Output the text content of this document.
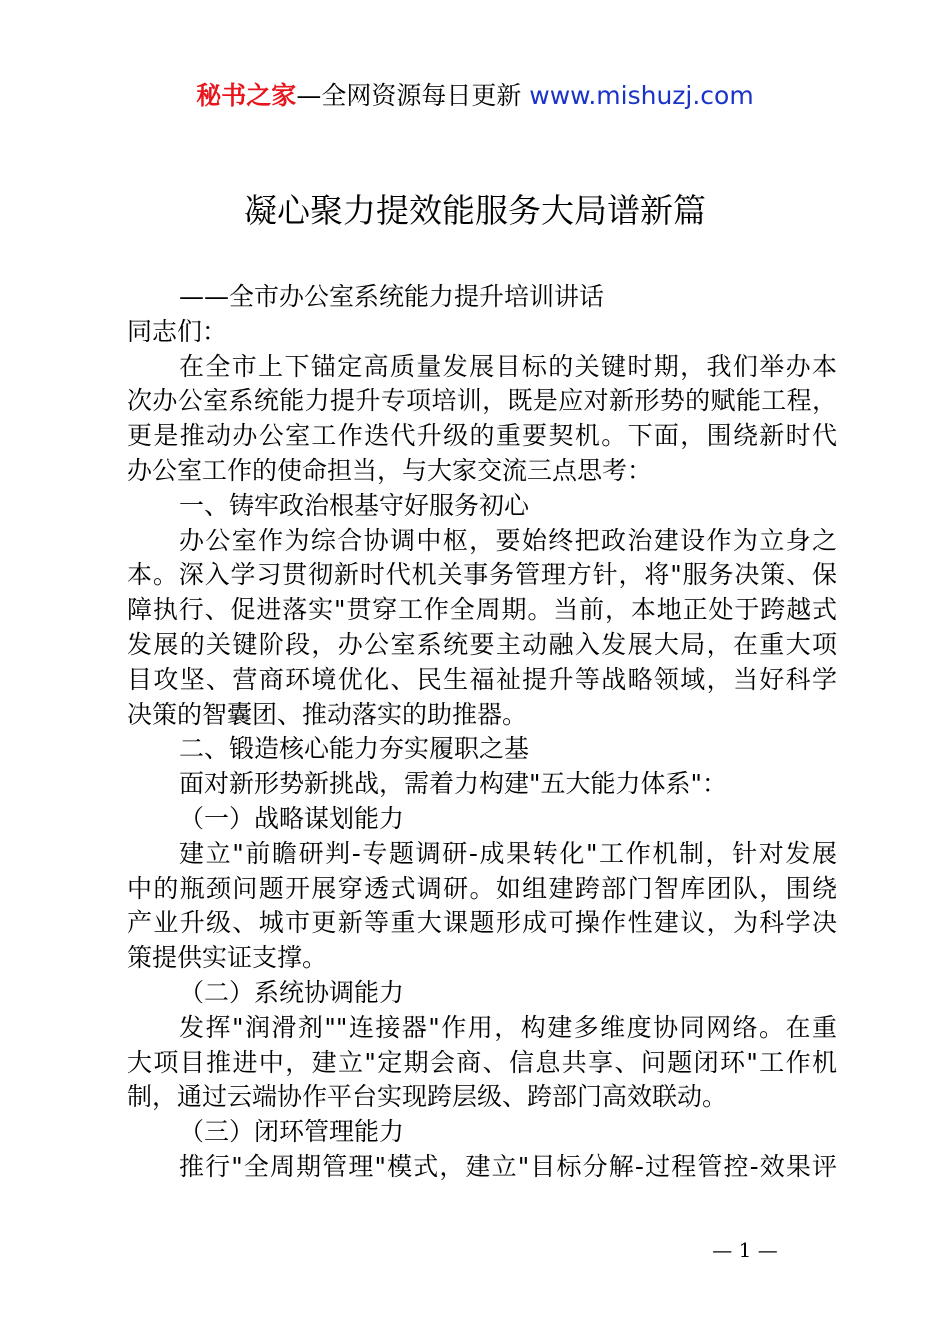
秘书之家—全网资源每日更新 www.mishuzj.com
凝心聚力提效能服务大局谱新篇
——全市办公室系统能力提升培训讲话
同志们：
在全市上下锚定高质量发展目标的关键时期，我们举办本
次办公室系统能力提升专项培训，既是应对新形势的赋能工程，
更是推动办公室工作迭代升级的重要契机。下面，围绕新时代
办公室工作的使命担当，与大家交流三点思考：
一、铸牢政治根基守好服务初心
办公室作为综合协调中枢，要始终把政治建设作为立身之
本。深入学习贯彻新时代机关事务管理方针，将"服务决策、保
障执行、促进落实"贯穿工作全周期。当前，本地正处于跨越式
发展的关键阶段，办公室系统要主动融入发展大局，在重大项
目攻坚、营商环境优化、民生福祉提升等战略领域，当好科学
决策的智囊团、推动落实的助推器。
二、锻造核心能力夯实履职之基
面对新形势新挑战，需着力构建"五大能力体系"：
（一）战略谋划能力
建立"前瞻研判-专题调研-成果转化"工作机制，针对发展
中的瓶颈问题开展穿透式调研。如组建跨部门智库团队，围绕
产业升级、城市更新等重大课题形成可操作性建议，为科学决
策提供实证支撑。
（二）系统协调能力
发挥"润滑剂""连接器"作用，构建多维度协同网络。在重
大项目推进中，建立"定期会商、信息共享、问题闭环"工作机
制，通过云端协作平台实现跨层级、跨部门高效联动。
（三）闭环管理能力
推行"全周期管理"模式，建立"目标分解-过程管控-效果评
— 1 —
